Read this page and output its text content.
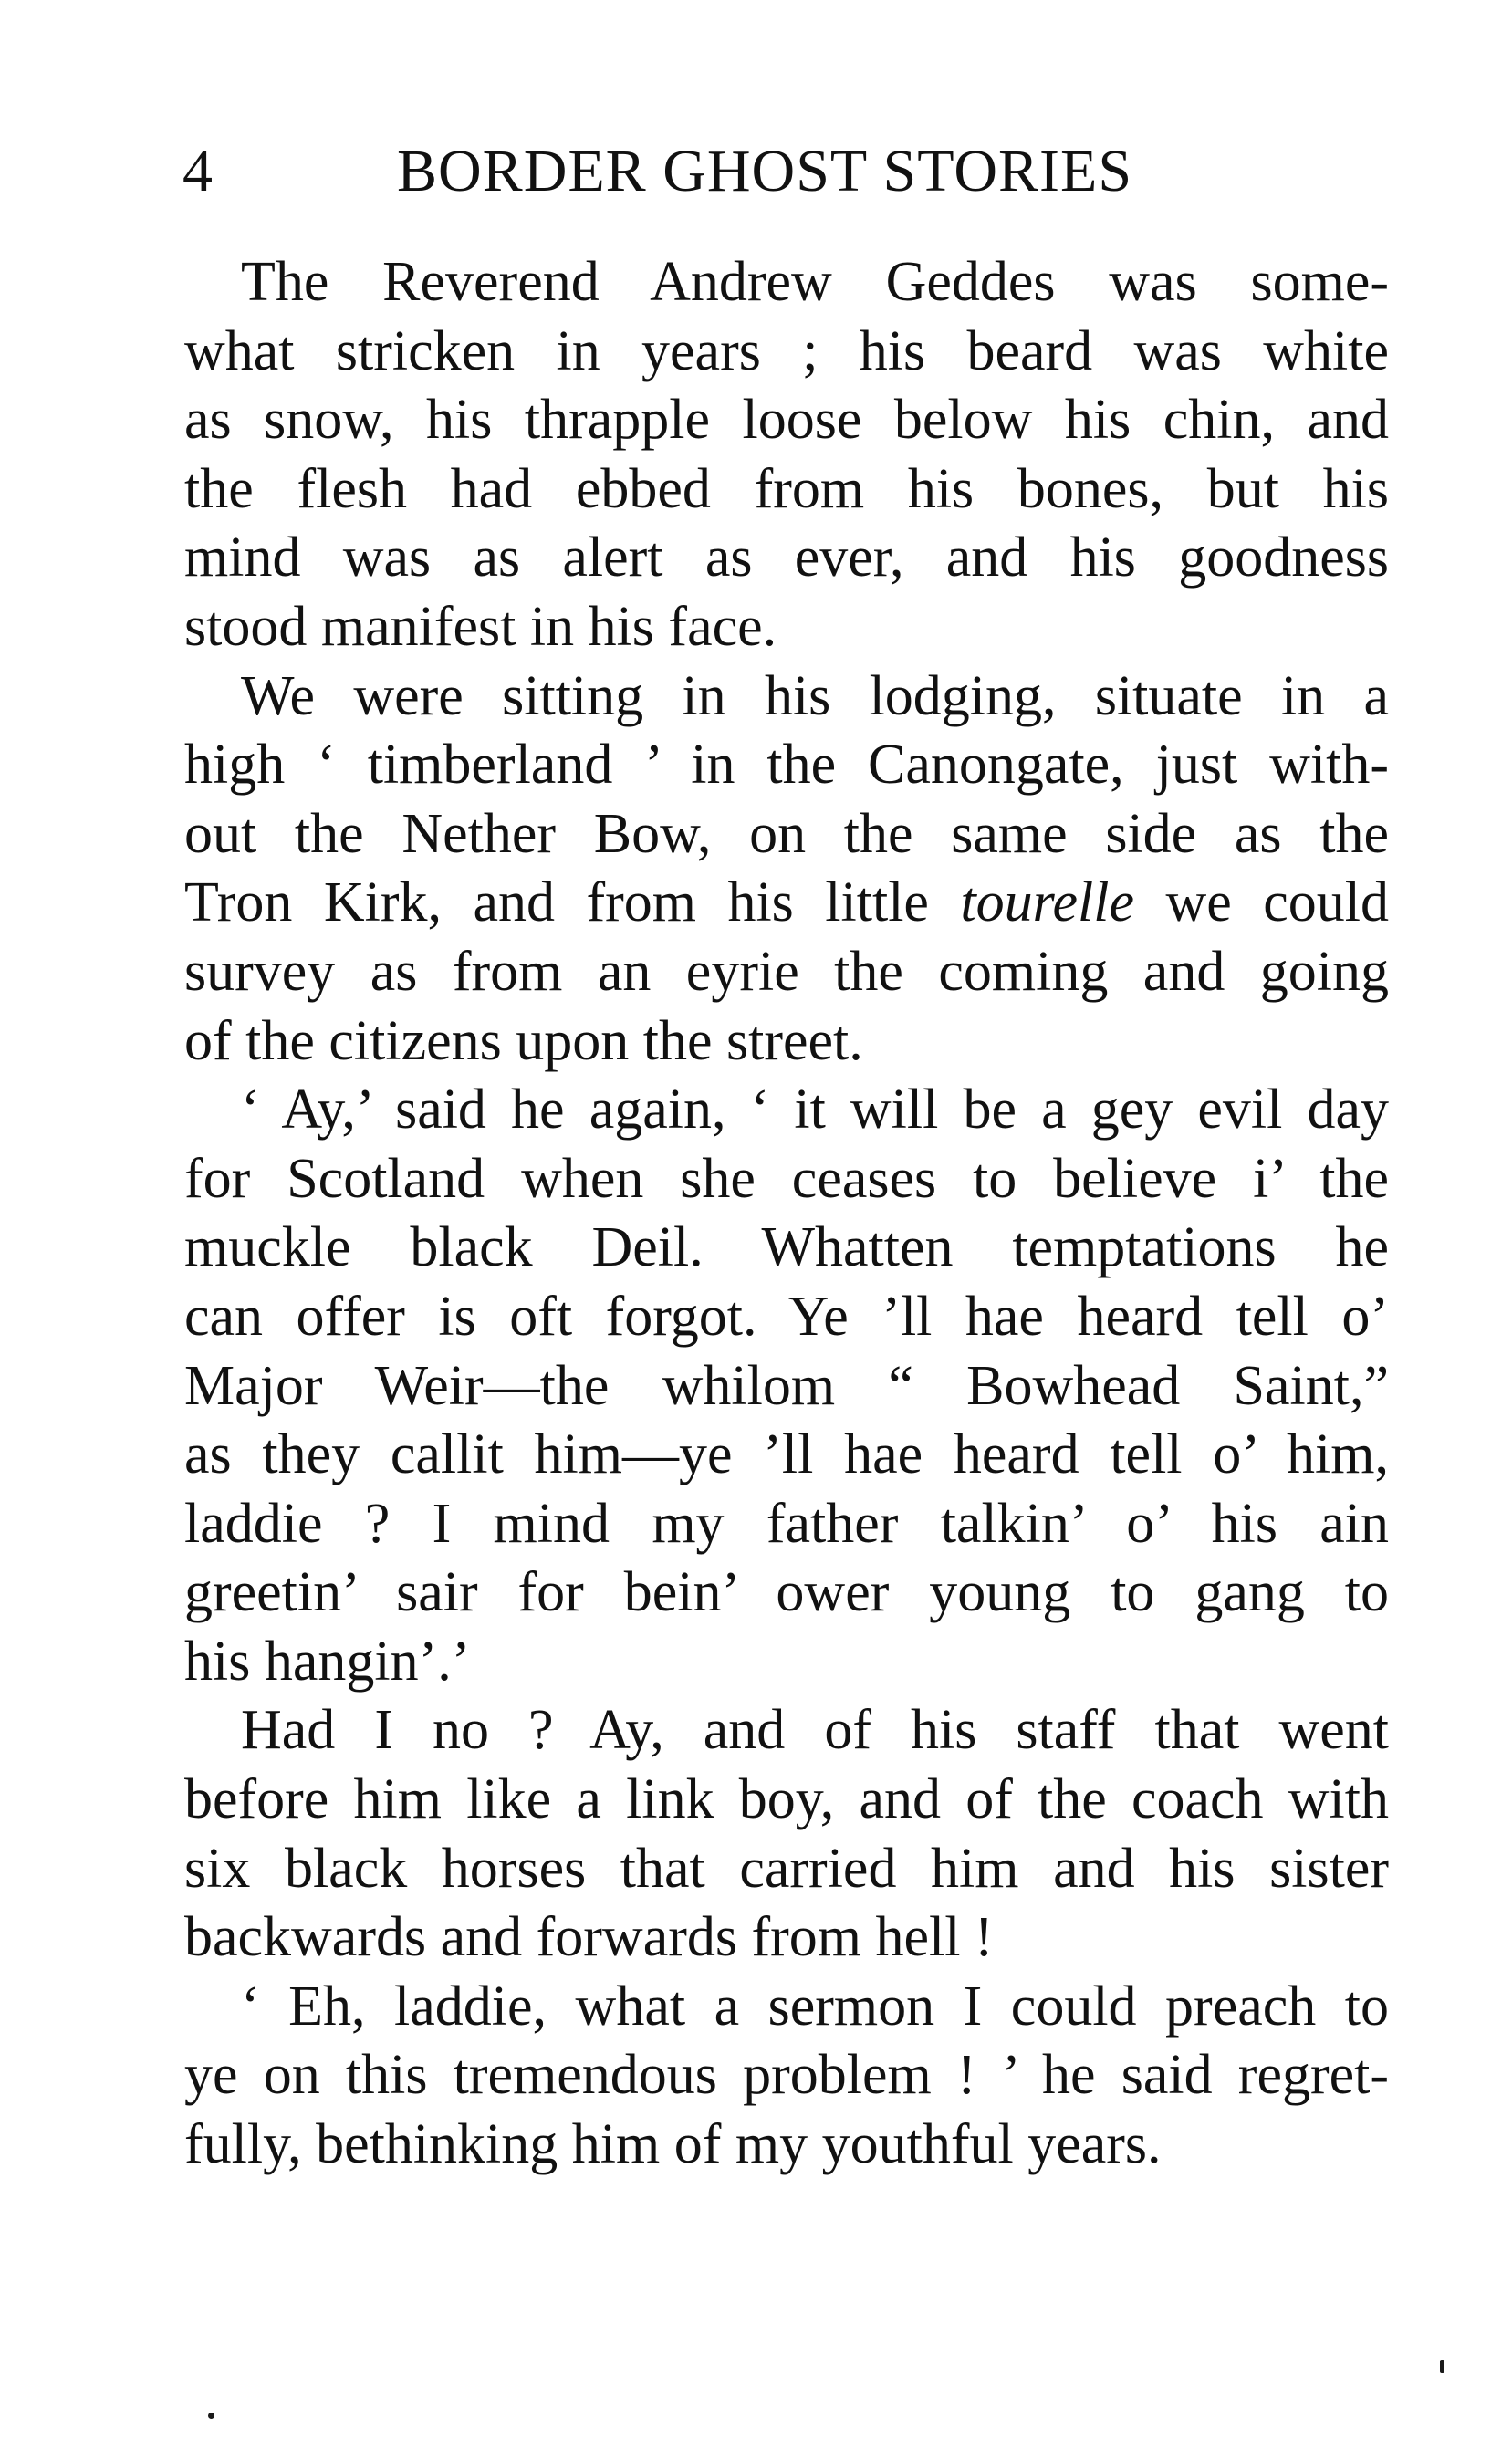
4	BORDER GHOST STORIES
The Reverend Andrew Geddes was some-
what stricken in years ; his beard was white
as snow, his thrapple loose below his chin, and
the flesh had ebbed from his bones, but his
mind was as alert as ever, and his goodness
stood manifest in his face.
We were sitting in his lodging, situate in a
high ‘ timberland ’ in the Canongate, just with-
out the Nether Bow, on the same side as the
Tron Kirk, and from his little tourelle we could
survey as from an eyrie the coming and going
of the citizens upon the street.
‘ Ay,’ said he again, ‘ it will be a gey evil day
for Scotland when she ceases to believe i’ the
muckle black Deil. Whatten temptations he
can offer is oft forgot. Ye ’ll hae heard tell o’
Major Weir—the whilom “ Bowhead Saint,”
as they callit him—ye ’ll hae heard tell o’ him,
laddie ? I mind my father talkin’ o’ his ain
greetin’ sair for bein’ ower young to gang to
his hangin’.’
Had I no ? Ay, and of his staff that went
before him like a link boy, and of the coach with
six black horses that carried him and his sister
backwards and forwards from hell !
‘ Eh, laddie, what a sermon I could preach to
ye on this tremendous problem ! ’ he said regret-
fully, bethinking him of my youthful years.
